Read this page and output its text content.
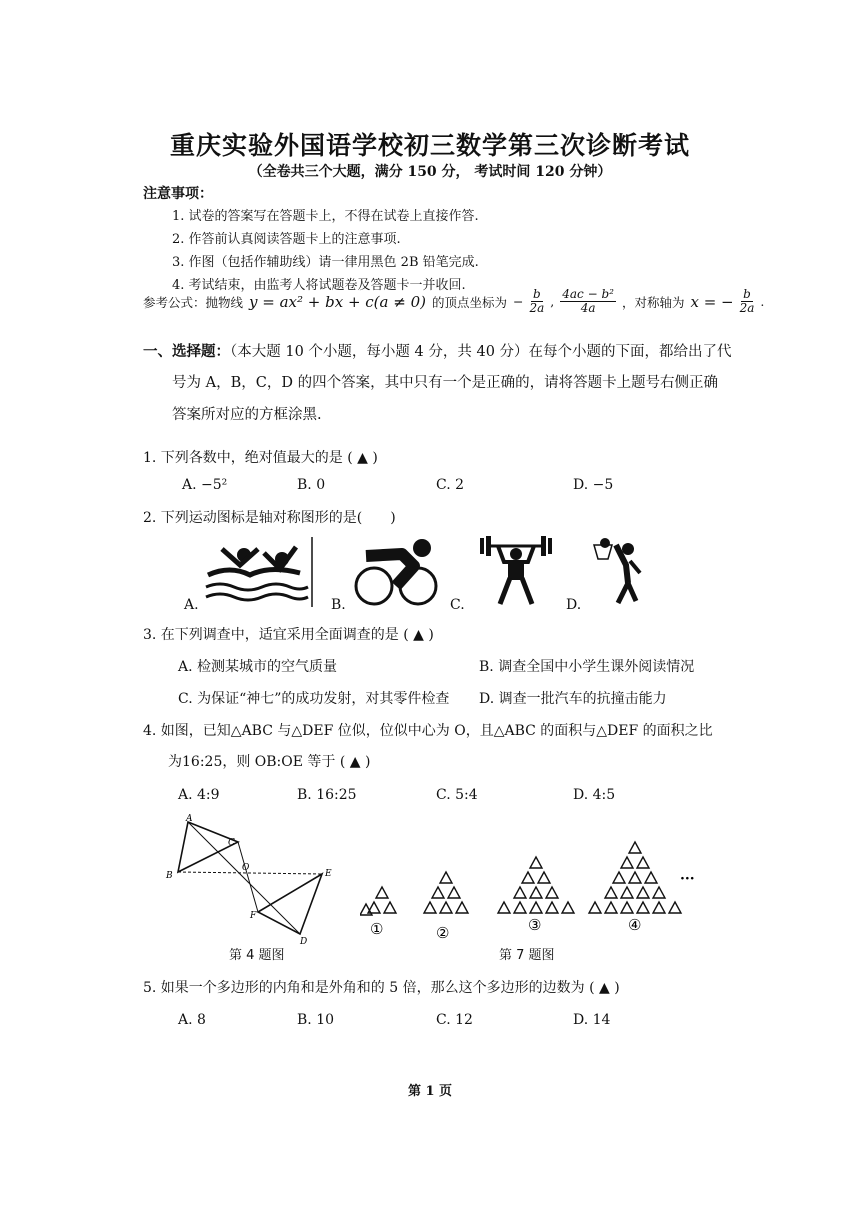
重庆实验外国语学校初三数学第三次诊断考试
（全卷共三个大题，满分 150 分， 考试时间 120 分钟）
注意事项：
1. 试卷的答案写在答题卡上，不得在试卷上直接作答.
2. 作答前认真阅读答题卡上的注意事项.
3. 作图（包括作辅助线）请一律用黑色 2B 铅笔完成.
4. 考试结束，由监考人将试题卷及答题卡一并收回.
参考公式：抛物线 y = ax² + bx + c(a ≠ 0) 的顶点坐标为 − $\frac{b}{2a}$ , $\frac{\text{4ac − b²}}{4a}$ ，对称轴为 x = − $\frac{b}{2a}$ .
一、选择题：（本大题 10 个小题，每小题 4 分，共 40 分）在每个小题的下面，都给出了代
号为 A，B，C，D 的四个答案，其中只有一个是正确的，请将答题卡上题号右侧正确
答案所对应的方框涂黑.
1. 下列各数中，绝对值最大的是 ( ▲ )
A. −5²	B. 0	C. 2	D. −5
2. 下列运动图标是轴对称图形的是(　　)
A.	B.	C.	D.
3. 在下列调查中，适宜采用全面调查的是 ( ▲ )
A. 检测某城市的空气质量	B. 调查全国中小学生课外阅读情况
C. 为保证“神七”的成功发射，对其零件检查 D. 调查一批汽车的抗撞击能力
4. 如图，已知△ABC 与△DEF 位似，位似中心为 O，且△ABC 的面积与△DEF 的面积之比
为16:25，则 OB:OE 等于 ( ▲ )
A. 4:9	B. 16:25	C. 5:4	D. 4:5
A
C
B
O
E
F
D
第 4 题图
①	②	③	④
···
第 7 题图
5. 如果一个多边形的内角和是外角和的 5 倍，那么这个多边形的边数为 ( ▲ )
A. 8	B. 10	C. 12	D. 14
第 1 页
